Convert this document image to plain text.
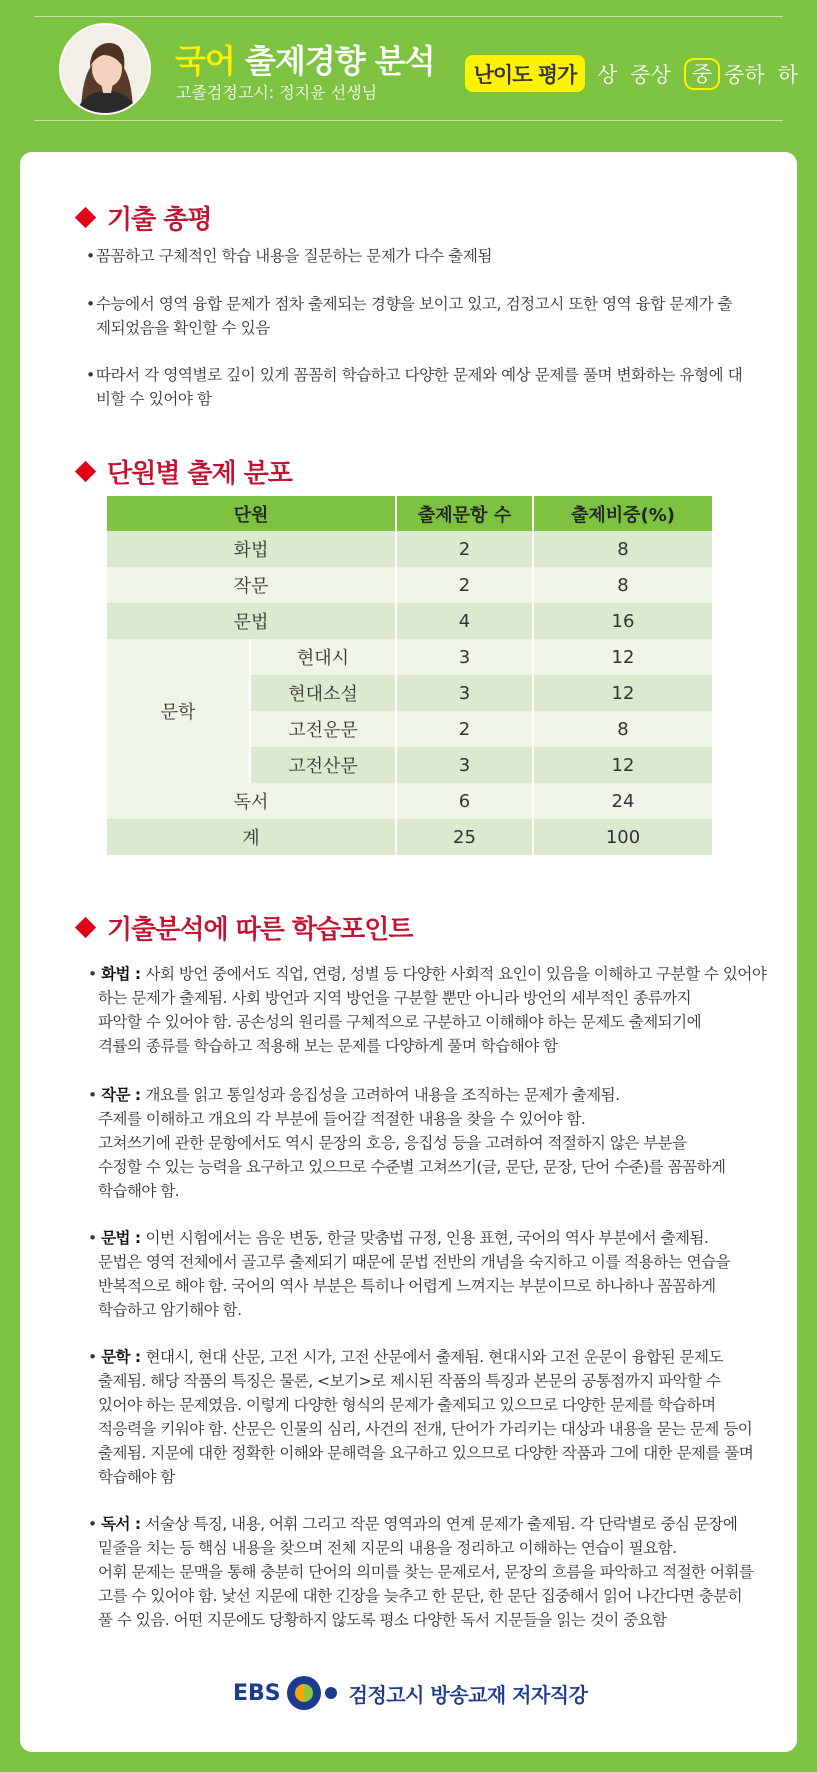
국어 출제경향 분석
고졸검정고시: 정지윤 선생님
난이도 평가 상 중상	중 중하 하
기출 총평
• 꼼꼼하고 구체적인 학습 내용을 질문하는 문제가 다수 출제됨
• 수능에서 영역 융합 문제가 점차 출제되는 경향을 보이고 있고, 검정고시 또한 영역 융합 문제가 출제되었음을 확인할 수 있음
• 따라서 각 영역별로 깊이 있게 꼼꼼히 학습하고 다양한 문제와 예상 문제를 풀며 변화하는 유형에 대비할 수 있어야 함
단원별 출제 분포
단원		출제문항 수	출제비중(%)
화법		2	8
작문		2	8
문법		4	16
문학	현대시	3	12
	현대소설	3	12
	고전운문	2	8
	고전산문	3	12
독서		6	24
계		25	100
기출분석에 따른 학습포인트
• 화법 : 사회 방언 중에서도 직업, 연령, 성별 등 다양한 사회적 요인이 있음을 이해하고 구분할 수 있어야
하는 문제가 출제됨. 사회 방언과 지역 방언을 구분할 뿐만 아니라 방언의 세부적인 종류까지
파악할 수 있어야 함. 공손성의 원리를 구체적으로 구분하고 이해해야 하는 문제도 출제되기에
격률의 종류를 학습하고 적용해 보는 문제를 다양하게 풀며 학습해야 함
• 작문 : 개요를 읽고 통일성과 응집성을 고려하여 내용을 조직하는 문제가 출제됨.
주제를 이해하고 개요의 각 부분에 들어갈 적절한 내용을 찾을 수 있어야 함.
고쳐쓰기에 관한 문항에서도 역시 문장의 호응, 응집성 등을 고려하여 적절하지 않은 부분을
수정할 수 있는 능력을 요구하고 있으므로 수준별 고쳐쓰기(글, 문단, 문장, 단어 수준)를 꼼꼼하게
학습해야 함.
• 문법 : 이번 시험에서는 음운 변동, 한글 맞춤법 규정, 인용 표현, 국어의 역사 부분에서 출제됨.
문법은 영역 전체에서 골고루 출제되기 때문에 문법 전반의 개념을 숙지하고 이를 적용하는 연습을
반복적으로 해야 함. 국어의 역사 부분은 특히나 어렵게 느껴지는 부분이므로 하나하나 꼼꼼하게
학습하고 암기해야 함.
• 문학 : 현대시, 현대 산문, 고전 시가, 고전 산문에서 출제됨. 현대시와 고전 운문이 융합된 문제도
출제됨. 해당 작품의 특징은 물론, <보기>로 제시된 작품의 특징과 본문의 공통점까지 파악할 수
있어야 하는 문제였음. 이렇게 다양한 형식의 문제가 출제되고 있으므로 다양한 문제를 학습하며
적응력을 키워야 함. 산문은 인물의 심리, 사건의 전개, 단어가 가리키는 대상과 내용을 묻는 문제 등이
출제됨. 지문에 대한 정확한 이해와 문해력을 요구하고 있으므로 다양한 작품과 그에 대한 문제를 풀며
학습해야 함
• 독서 : 서술상 특징, 내용, 어휘 그리고 작문 영역과의 연계 문제가 출제됨. 각 단락별로 중심 문장에
밑줄을 치는 등 핵심 내용을 찾으며 전체 지문의 내용을 정리하고 이해하는 연습이 필요함.
어휘 문제는 문맥을 통해 충분히 단어의 의미를 찾는 문제로서, 문장의 흐름을 파악하고 적절한 어휘를
고를 수 있어야 함. 낯선 지문에 대한 긴장을 늦추고 한 문단, 한 문단 집중해서 읽어 나간다면 충분히
풀 수 있음. 어떤 지문에도 당황하지 않도록 평소 다양한 독서 지문들을 읽는 것이 중요함
EBS	검정고시 방송교재 저자직강
